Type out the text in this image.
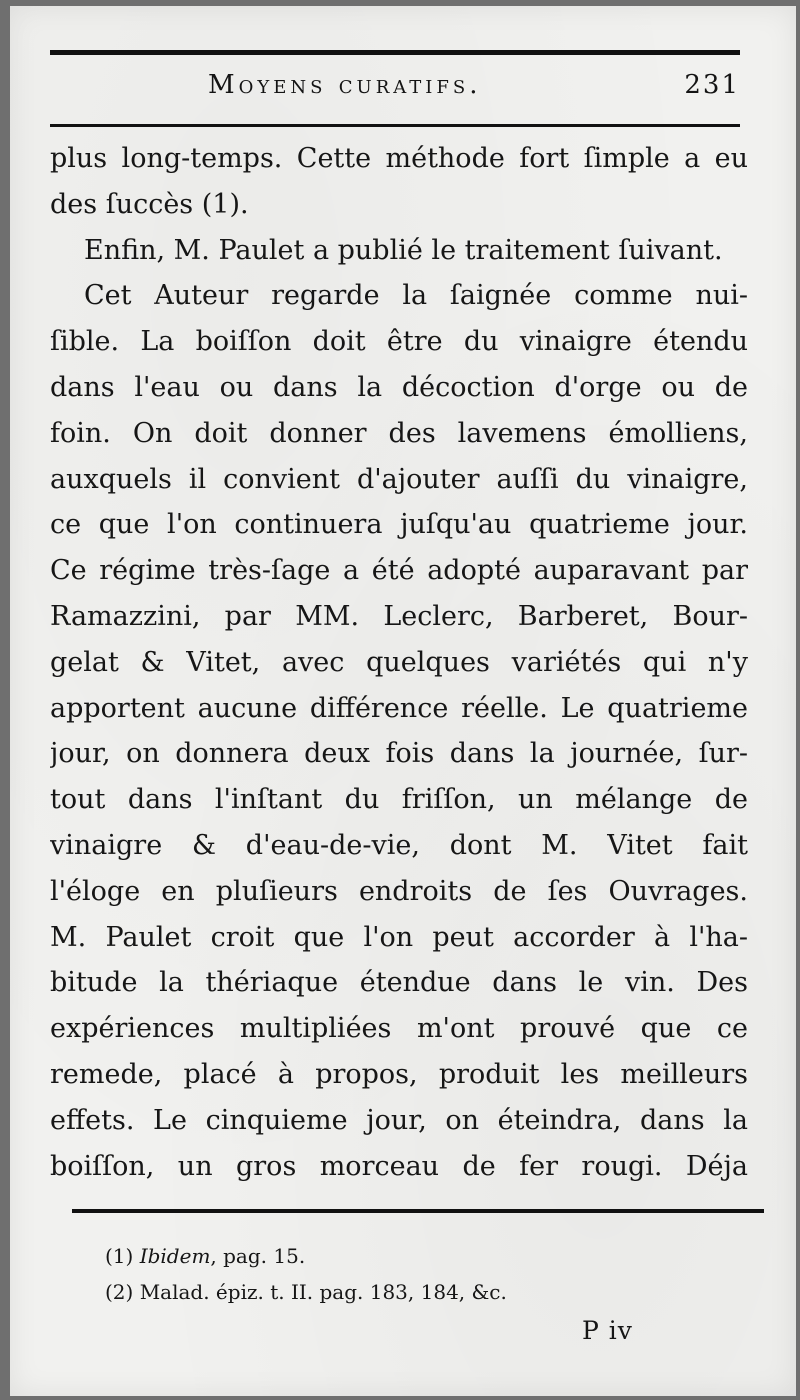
Moyens curatifs.	231
plus long-temps. Cette méthode fort ſimple a eu
des ſuccès (1).
Enfin, M. Paulet a publié le traitement ſuivant.
Cet Auteur regarde la ſaignée comme nui-
ſible. La boiſſon doit être du vinaigre étendu
dans l'eau ou dans la décoction d'orge ou de
foin. On doit donner des lavemens émolliens,
auxquels il convient d'ajouter auſſi du vinaigre,
ce que l'on continuera juſqu'au quatrieme jour.
Ce régime très-ſage a été adopté auparavant par
Ramazzini, par MM. Leclerc, Barberet, Bour-
gelat & Vitet, avec quelques variétés qui n'y
apportent aucune différence réelle. Le quatrieme
jour, on donnera deux fois dans la journée, ſur-
tout dans l'inſtant du friſſon, un mélange de
vinaigre & d'eau-de-vie, dont M. Vitet fait
l'éloge en pluſieurs endroits de ſes Ouvrages.
M. Paulet croit que l'on peut accorder à l'ha-
bitude la thériaque étendue dans le vin. Des
expériences multipliées m'ont prouvé que ce
remede, placé à propos, produit les meilleurs
effets. Le cinquieme jour, on éteindra, dans la
boiſſon, un gros morceau de fer rougi. Déja
(1) Ibidem, pag. 15.
(2) Malad. épiz. t. II. pag. 183, 184, &c.
P iv
